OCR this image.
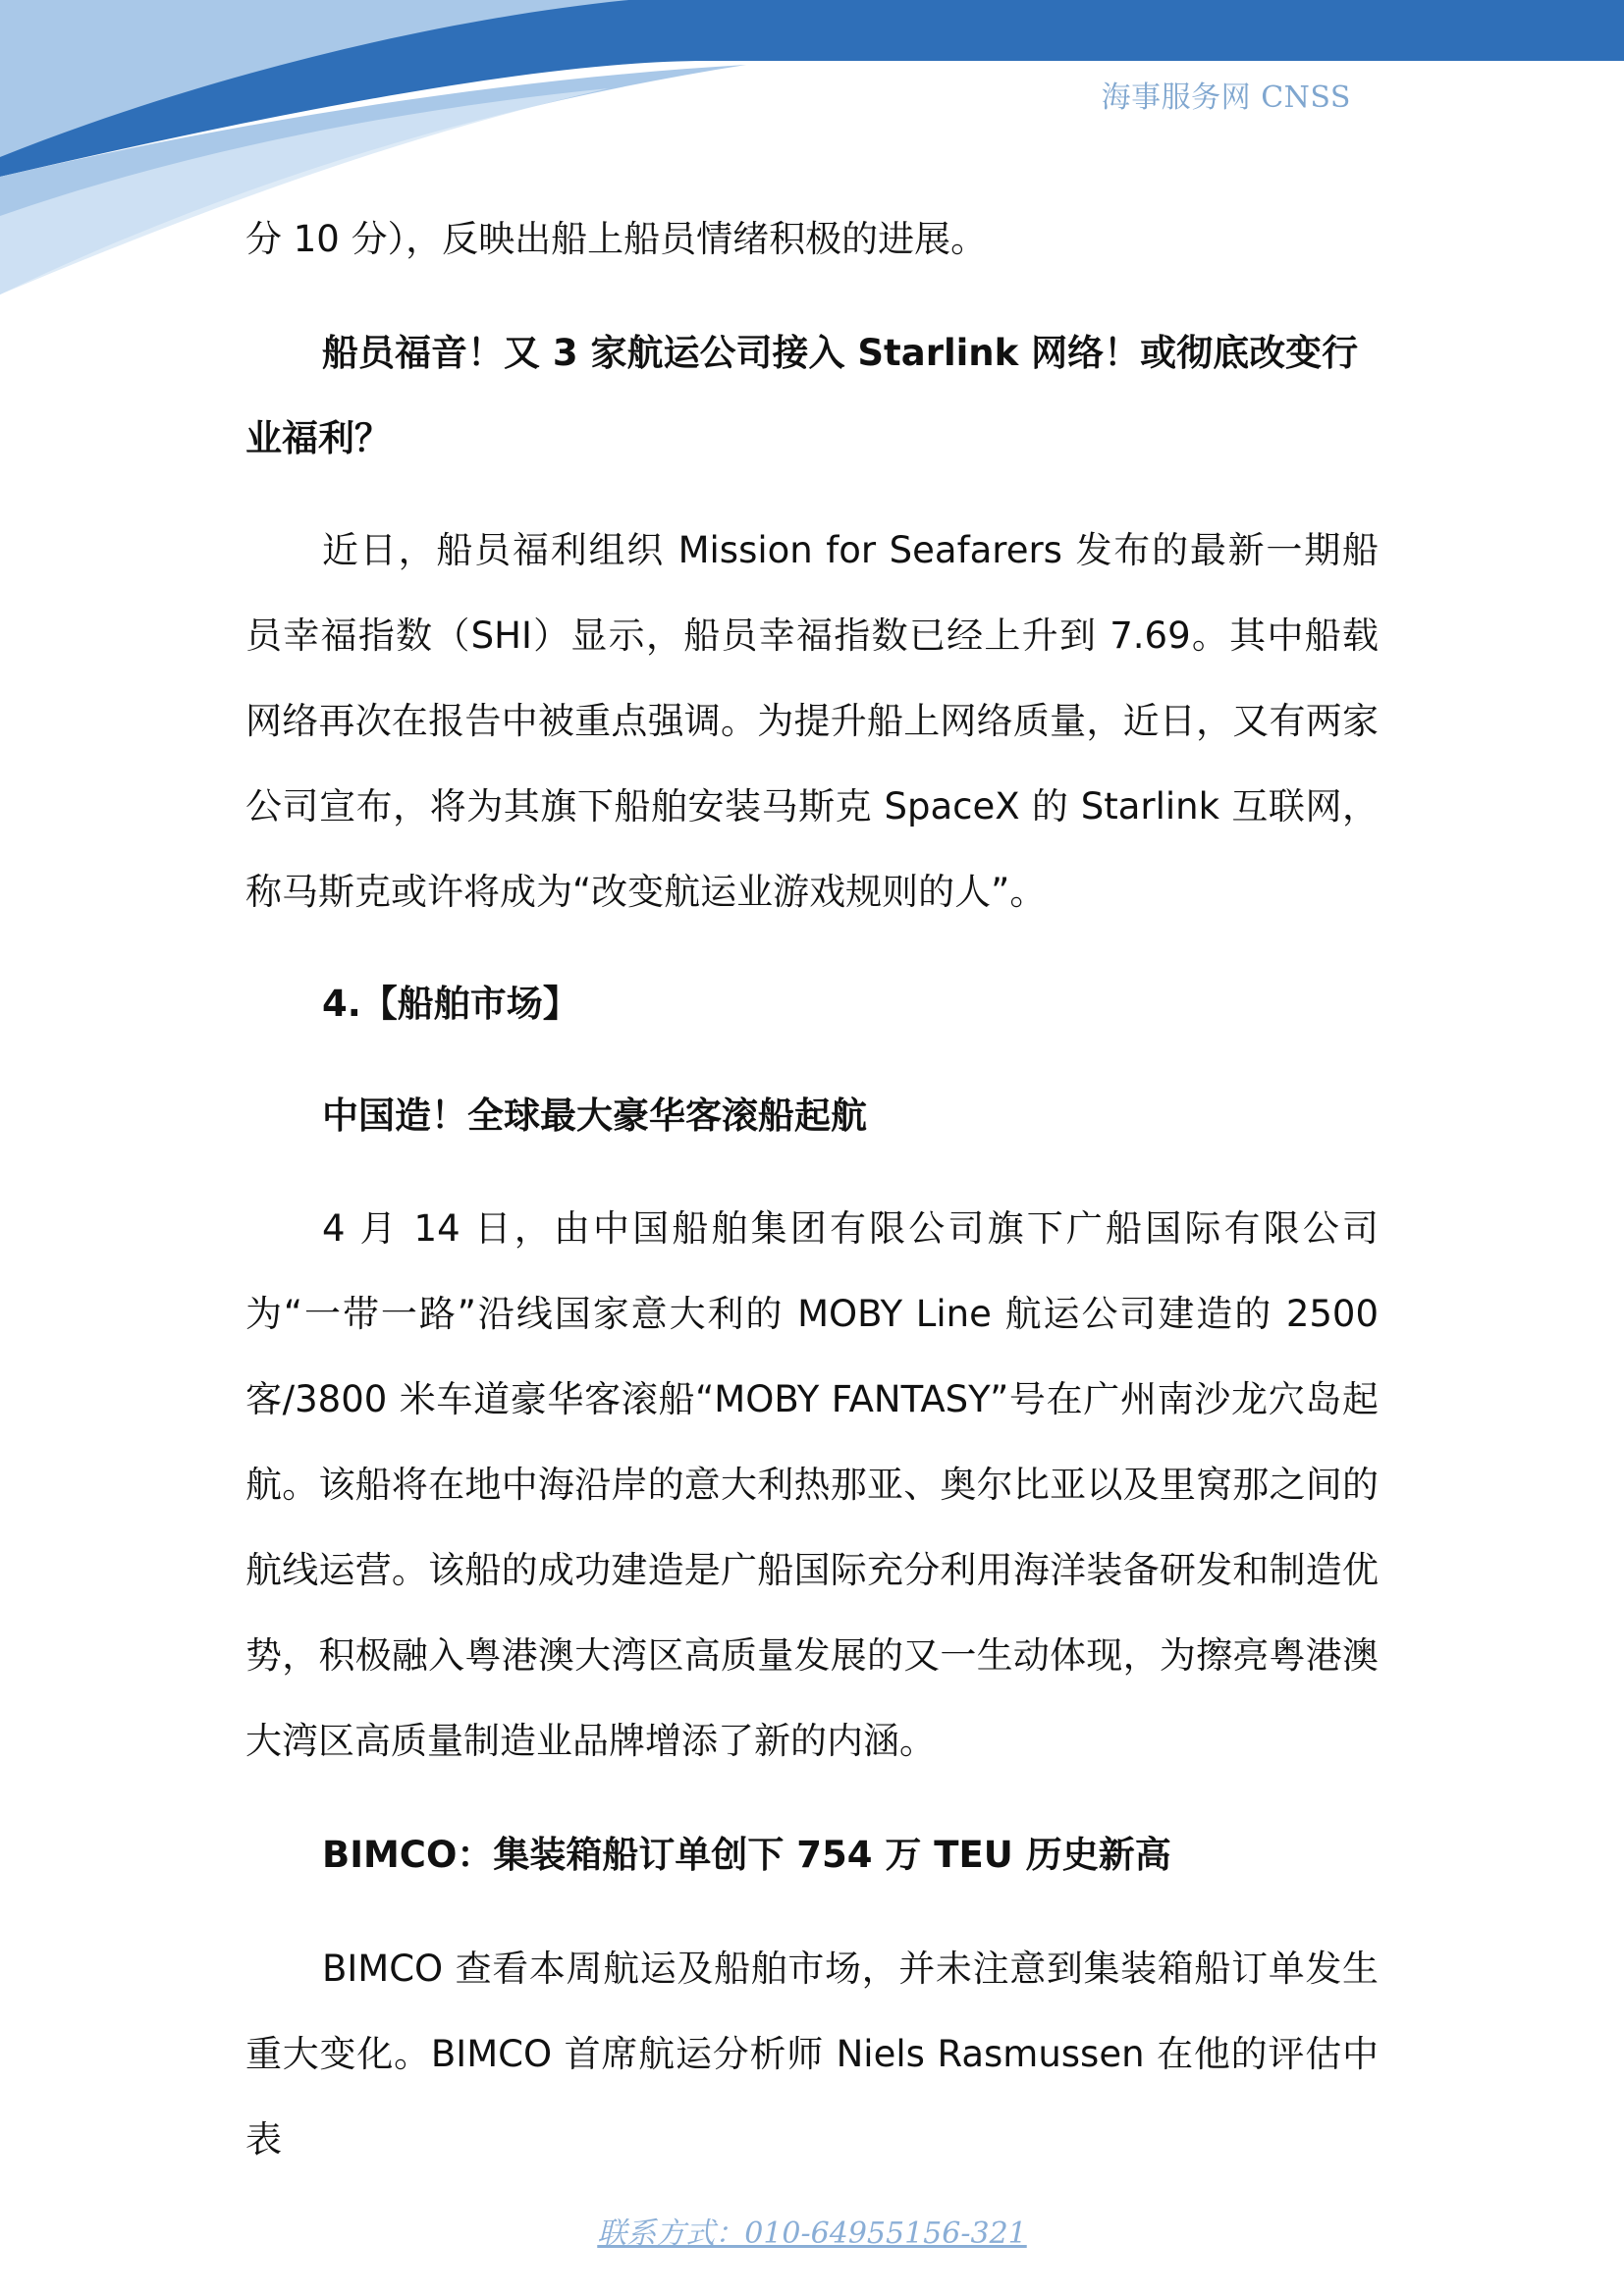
海事服务网 CNSS
分 10 分），反映出船上船员情绪积极的进展。
船员福音！又 3 家航运公司接入 Starlink 网络！或彻底改变行业福利？
近日，船员福利组织 Mission for Seafarers 发布的最新一期船员幸福指数（SHI）显示，船员幸福指数已经上升到 7.69。其中船载网络再次在报告中被重点强调。为提升船上网络质量，近日，又有两家公司宣布，将为其旗下船舶安装马斯克 SpaceX 的 Starlink 互联网，称马斯克或许将成为“改变航运业游戏规则的人”。
4.【船舶市场】
中国造！全球最大豪华客滚船起航
4 月 14 日，由中国船舶集团有限公司旗下广船国际有限公司为“一带一路”沿线国家意大利的 MOBY Line 航运公司建造的 2500 客/3800 米车道豪华客滚船“MOBY FANTASY”号在广州南沙龙穴岛起航。该船将在地中海沿岸的意大利热那亚、奥尔比亚以及里窝那之间的航线运营。该船的成功建造是广船国际充分利用海洋装备研发和制造优势，积极融入粤港澳大湾区高质量发展的又一生动体现，为擦亮粤港澳大湾区高质量制造业品牌增添了新的内涵。
BIMCO：集装箱船订单创下 754 万 TEU 历史新高
BIMCO 查看本周航运及船舶市场，并未注意到集装箱船订单发生重大变化。BIMCO 首席航运分析师 Niels Rasmussen 在他的评估中表
联系方式：010-64955156-321
